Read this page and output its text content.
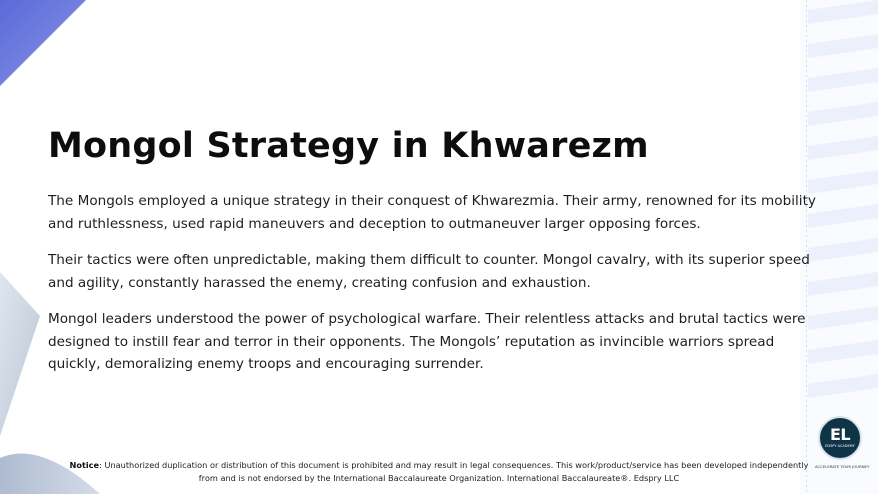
Mongol Strategy in Khwarezm

The Mongols employed a unique strategy in their conquest of Khwarezmia. Their army, renowned for its mobility and ruthlessness, used rapid maneuvers and deception to outmaneuver larger opposing forces.

Their tactics were often unpredictable, making them difficult to counter. Mongol cavalry, with its superior speed and agility, constantly harassed the enemy, creating confusion and exhaustion.

Mongol leaders understood the power of psychological warfare. Their relentless attacks and brutal tactics were designed to instill fear and terror in their opponents. The Mongols’ reputation as invincible warriors spread quickly, demoralizing enemy troops and encouraging surrender.

EL
EDSPY ACADEMY
ACCELERATE YOUR JOURNEY

Notice: Unauthorized duplication or distribution of this document is prohibited and may result in legal consequences. This work/product/service has been developed independently from and is not endorsed by the International Baccalaureate Organization. International Baccalaureate®. Edspry LLC
